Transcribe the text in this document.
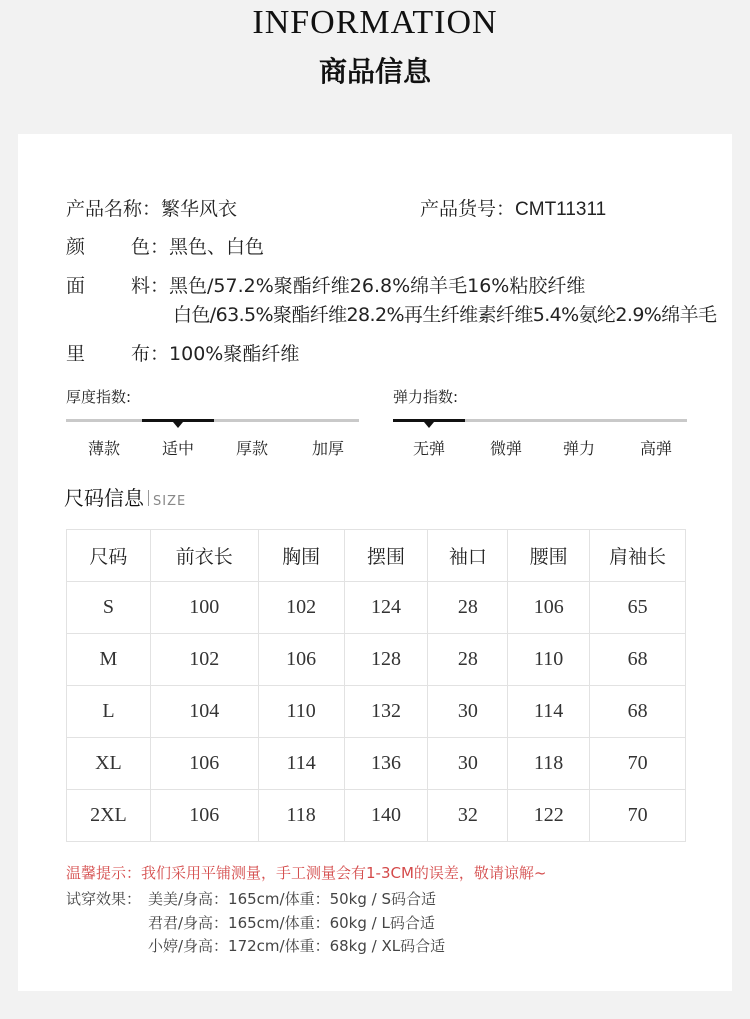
INFORMATION
商品信息
产品名称：繁华风衣	产品货号：CMT11311
颜色：黑色、白色
面料：黑色/57.2%聚酯纤维26.8%绵羊毛16%粘胶纤维
白色/63.5%聚酯纤维28.2%再生纤维素纤维5.4%氨纶2.9%绵羊毛
里布：100%聚酯纤维
厚度指数:
薄款	适中	厚款	加厚
弹力指数:
无弹	微弹	弹力	高弹
尺码信息 SIZE
尺码	前衣长	胸围	摆围	袖口	腰围	肩袖长
S	100	102	124	28	106	65
M	102	106	128	28	110	68
L	104	110	132	30	114	68
XL	106	114	136	30	118	70
2XL	106	118	140	32	122	70
温馨提示：我们采用平铺测量，手工测量会有1-3CM的误差，敬请谅解~
试穿效果： 美美/身高：165cm/体重：50kg / S码合适
君君/身高：165cm/体重：60kg / L码合适
小婷/身高：172cm/体重：68kg / XL码合适
